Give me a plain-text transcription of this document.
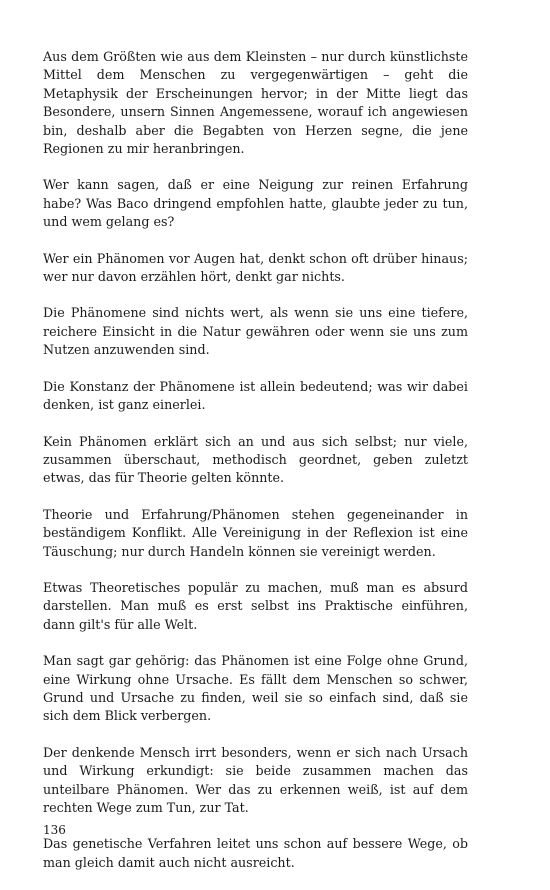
Aus dem Größten wie aus dem Kleinsten – nur durch künstlichste Mittel dem Menschen zu vergegenwärtigen – geht die Metaphysik der Erscheinungen hervor; in der Mitte liegt das Besondere, unsern Sinnen Angemessene, worauf ich angewiesen bin, deshalb aber die Begabten von Herzen segne, die jene Regionen zu mir heranbringen.

Wer kann sagen, daß er eine Neigung zur reinen Erfahrung habe? Was Baco dringend empfohlen hatte, glaubte jeder zu tun, und wem gelang es?

Wer ein Phänomen vor Augen hat, denkt schon oft drüber hinaus; wer nur davon erzählen hört, denkt gar nichts.

Die Phänomene sind nichts wert, als wenn sie uns eine tiefere, reichere Einsicht in die Natur gewähren oder wenn sie uns zum Nutzen anzuwenden sind.

Die Konstanz der Phänomene ist allein bedeutend; was wir dabei denken, ist ganz einerlei.

Kein Phänomen erklärt sich an und aus sich selbst; nur viele, zusammen überschaut, methodisch geordnet, geben zuletzt etwas, das für Theorie gelten könnte.

Theorie und Erfahrung/Phänomen stehen gegeneinander in beständigem Konflikt. Alle Vereinigung in der Reflexion ist eine Täuschung; nur durch Handeln können sie vereinigt werden.

Etwas Theoretisches populär zu machen, muß man es absurd darstellen. Man muß es erst selbst ins Praktische einführen, dann gilt's für alle Welt.

Man sagt gar gehörig: das Phänomen ist eine Folge ohne Grund, eine Wirkung ohne Ursache. Es fällt dem Menschen so schwer, Grund und Ursache zu finden, weil sie so einfach sind, daß sie sich dem Blick verbergen.

Der denkende Mensch irrt besonders, wenn er sich nach Ursach und Wirkung erkundigt: sie beide zusammen machen das unteilbare Phänomen. Wer das zu erkennen weiß, ist auf dem rechten Wege zum Tun, zur Tat.

Das genetische Verfahren leitet uns schon auf bessere Wege, ob man gleich damit auch nicht ausreicht.

136
